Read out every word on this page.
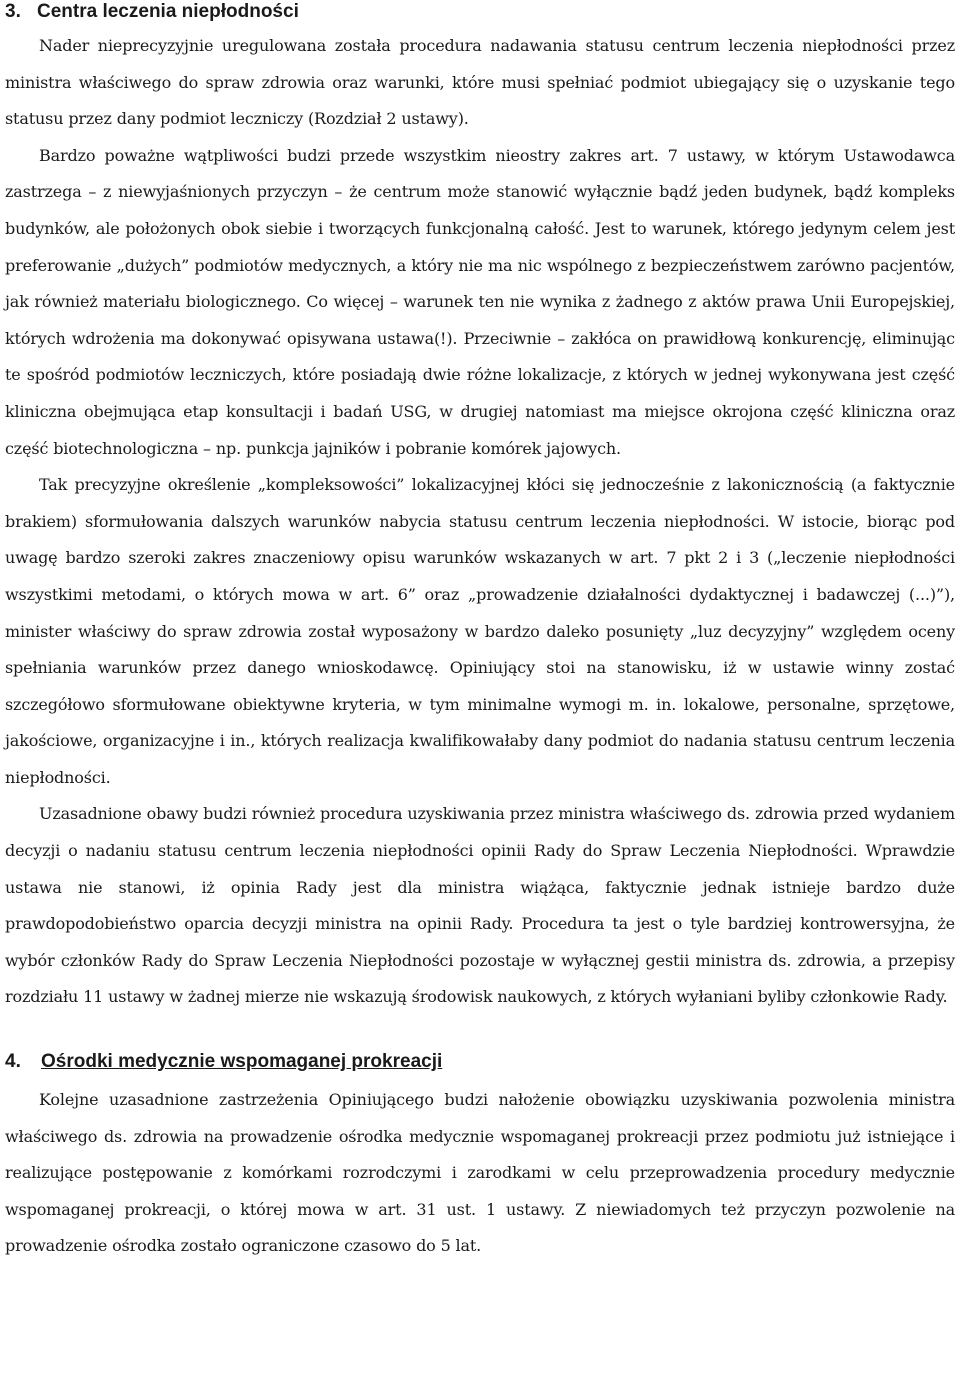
3. Centra leczenia niepłodności

Nader nieprecyzyjnie uregulowana została procedura nadawania statusu centrum leczenia niepłodności przez ministra właściwego do spraw zdrowia oraz warunki, które musi spełniać podmiot ubiegający się o uzyskanie tego statusu przez dany podmiot leczniczy (Rozdział 2 ustawy).

Bardzo poważne wątpliwości budzi przede wszystkim nieostry zakres art. 7 ustawy, w którym Ustawodawca zastrzega – z niewyjaśnionych przyczyn – że centrum może stanowić wyłącznie bądź jeden budynek, bądź kompleks budynków, ale położonych obok siebie i tworzących funkcjonalną całość. Jest to warunek, którego jedynym celem jest preferowanie „dużych” podmiotów medycznych, a który nie ma nic wspólnego z bezpieczeństwem zarówno pacjentów, jak również materiału biologicznego. Co więcej – warunek ten nie wynika z żadnego z aktów prawa Unii Europejskiej, których wdrożenia ma dokonywać opisywana ustawa(!). Przeciwnie – zakłóca on prawidłową konkurencję, eliminując te spośród podmiotów leczniczych, które posiadają dwie różne lokalizacje, z których w jednej wykonywana jest część kliniczna obejmująca etap konsultacji i badań USG, w drugiej natomiast ma miejsce okrojona część kliniczna oraz część biotechnologiczna – np. punkcja jajników i pobranie komórek jajowych.

Tak precyzyjne określenie „kompleksowości” lokalizacyjnej kłóci się jednocześnie z lakonicznością (a faktycznie brakiem) sformułowania dalszych warunków nabycia statusu centrum leczenia niepłodności. W istocie, biorąc pod uwagę bardzo szeroki zakres znaczeniowy opisu warunków wskazanych w art. 7 pkt 2 i 3 („leczenie niepłodności wszystkimi metodami, o których mowa w art. 6” oraz „prowadzenie działalności dydaktycznej i badawczej (...)”), minister właściwy do spraw zdrowia został wyposażony w bardzo daleko posunięty „luz decyzyjny” względem oceny spełniania warunków przez danego wnioskodawcę. Opiniujący stoi na stanowisku, iż w ustawie winny zostać szczegółowo sformułowane obiektywne kryteria, w tym minimalne wymogi m. in. lokalowe, personalne, sprzętowe, jakościowe, organizacyjne i in., których realizacja kwalifikowałaby dany podmiot do nadania statusu centrum leczenia niepłodności.

Uzasadnione obawy budzi również procedura uzyskiwania przez ministra właściwego ds. zdrowia przed wydaniem decyzji o nadaniu statusu centrum leczenia niepłodności opinii Rady do Spraw Leczenia Niepłodności. Wprawdzie ustawa nie stanowi, iż opinia Rady jest dla ministra wiążąca, faktycznie jednak istnieje bardzo duże prawdopodobieństwo oparcia decyzji ministra na opinii Rady. Procedura ta jest o tyle bardziej kontrowersyjna, że wybór członków Rady do Spraw Leczenia Niepłodności pozostaje w wyłącznej gestii ministra ds. zdrowia, a przepisy rozdziału 11 ustawy w żadnej mierze nie wskazują środowisk naukowych, z których wyłaniani byliby członkowie Rady.

4.	Ośrodki medycznie wspomaganej prokreacji

Kolejne uzasadnione zastrzeżenia Opiniującego budzi nałożenie obowiązku uzyskiwania pozwolenia ministra właściwego ds. zdrowia na prowadzenie ośrodka medycznie wspomaganej prokreacji przez podmiotu już istniejące i realizujące postępowanie z komórkami rozrodczymi i zarodkami w celu przeprowadzenia procedury medycznie wspomaganej prokreacji, o której mowa w art. 31 ust. 1 ustawy. Z niewiadomych też przyczyn pozwolenie na prowadzenie ośrodka zostało ograniczone czasowo do 5 lat.
